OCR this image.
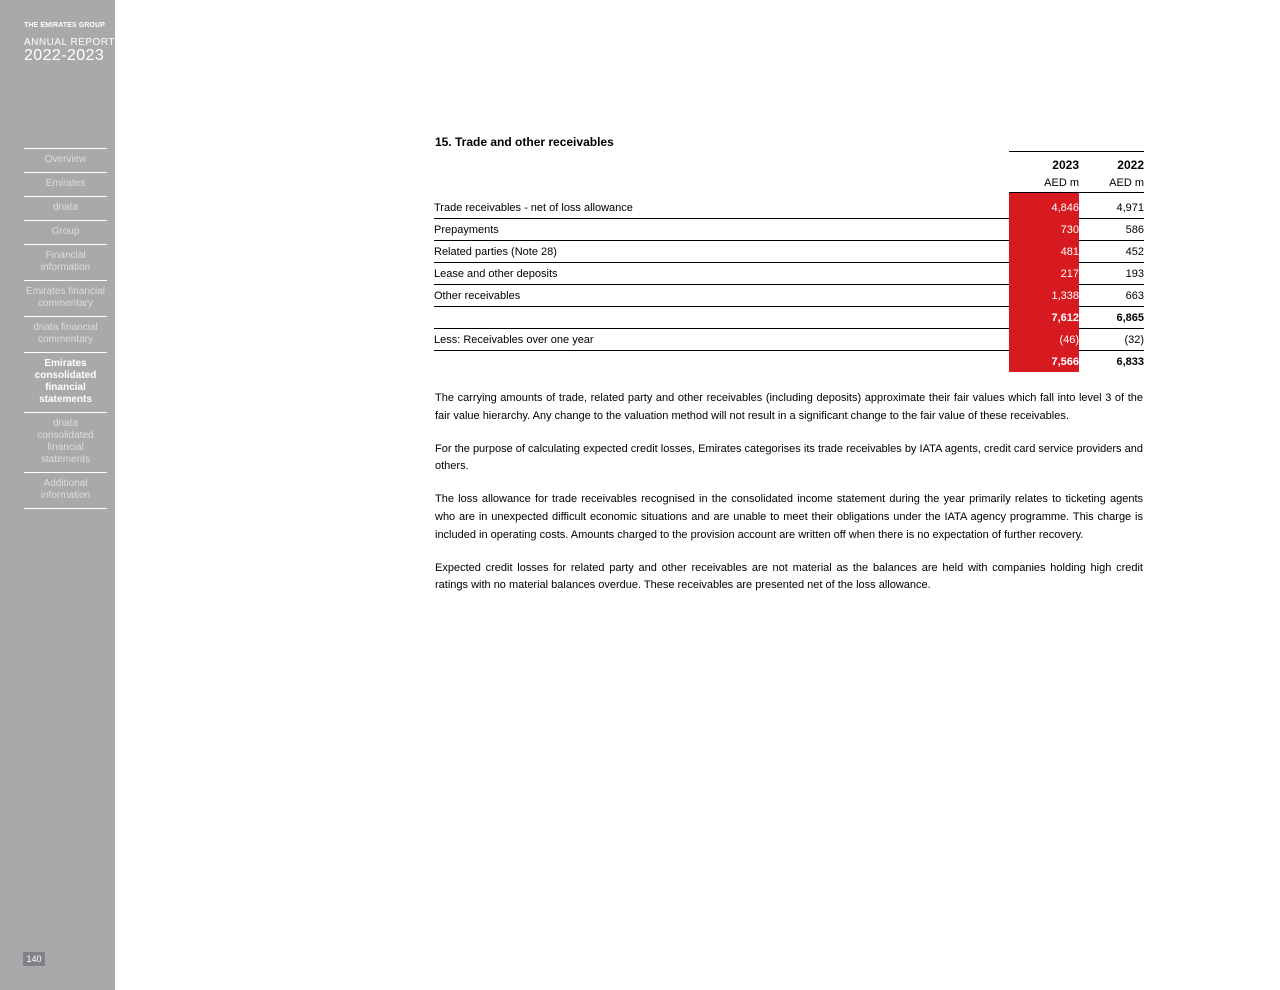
THE EMIRATES GROUP
ANNUAL REPORT
2022-2023
Overview
Emirates
dnata
Group
Financial information
Emirates financial commentary
dnata financial commentary
Emirates consolidated financial statements
dnata consolidated financial statements
Additional information
140
15. Trade and other receivables
	2023	2022
	AED m	AED m

Trade receivables - net of loss allowance	4,846	4,971
Prepayments	730	586
Related parties (Note 28)	481	452
Lease and other deposits	217	193
Other receivables	1,338	663
	7,612	6,865
Less: Receivables over one year	(46)	(32)
	7,566	6,833

The carrying amounts of trade, related party and other receivables (including deposits) approximate their fair values which fall into level 3 of the fair value hierarchy. Any change to the valuation method will not result in a significant change to the fair value of these receivables.

For the purpose of calculating expected credit losses, Emirates categorises its trade receivables by IATA agents, credit card service providers and others.

The loss allowance for trade receivables recognised in the consolidated income statement during the year primarily relates to ticketing agents who are in unexpected difficult economic situations and are unable to meet their obligations under the IATA agency programme. This charge is included in operating costs. Amounts charged to the provision account are written off when there is no expectation of further recovery.

Expected credit losses for related party and other receivables are not material as the balances are held with companies holding high credit ratings with no material balances overdue. These receivables are presented net of the loss allowance.
